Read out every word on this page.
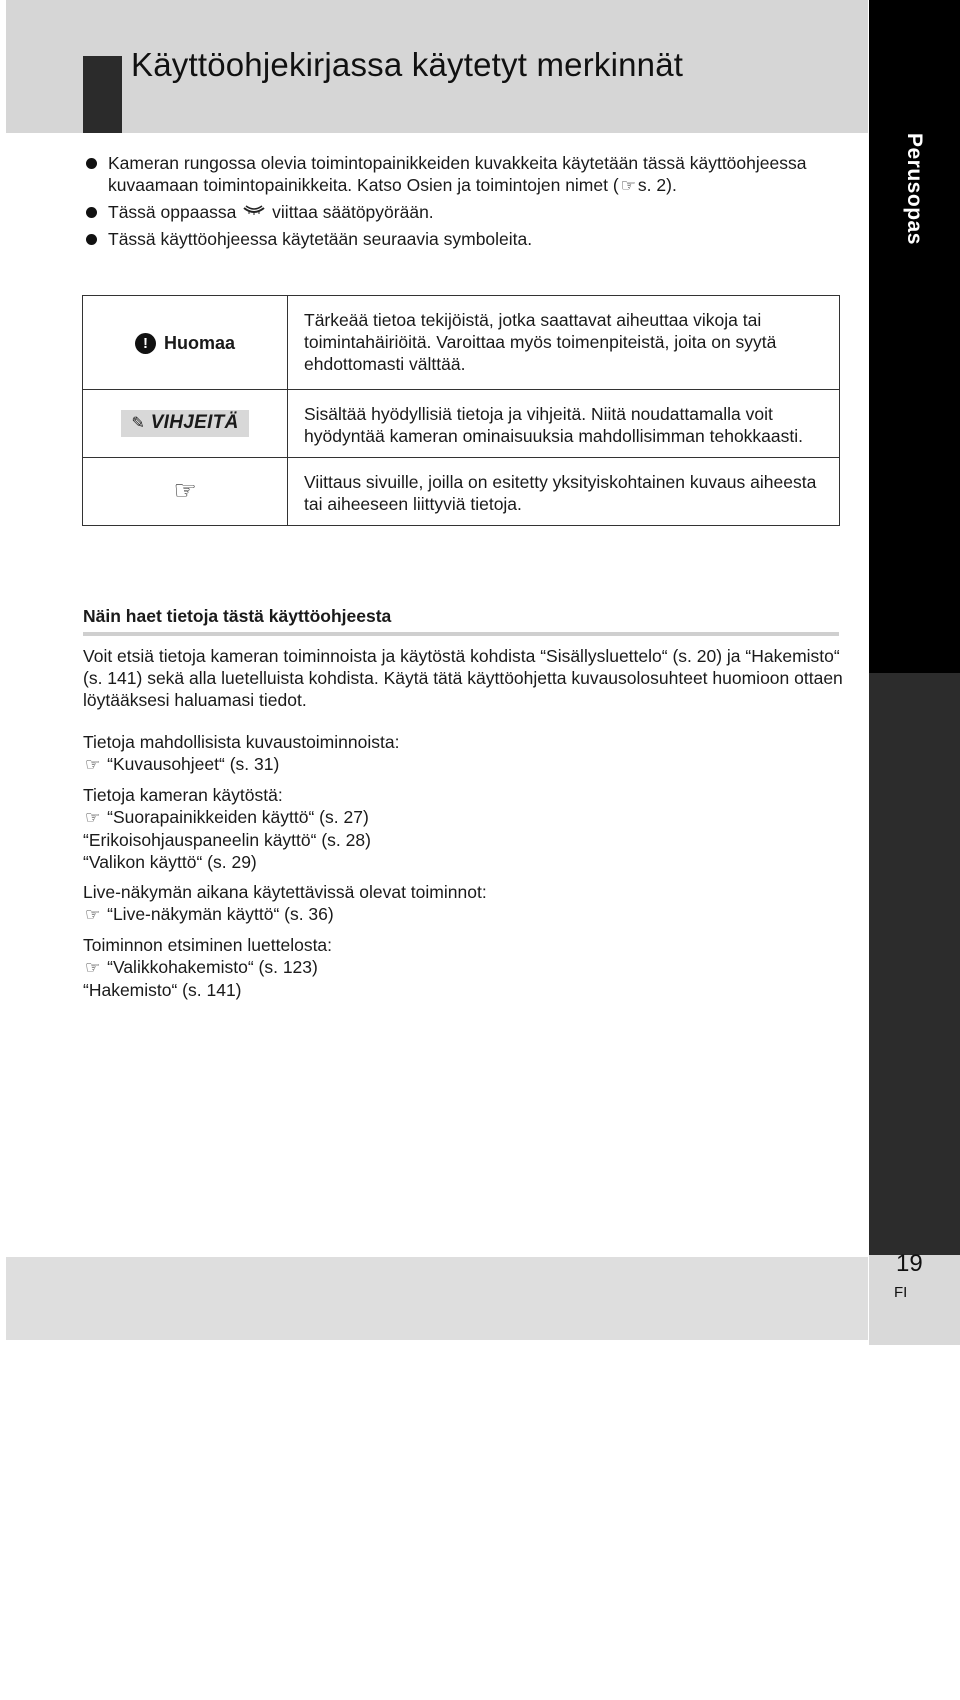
Käyttöohjekirjassa käytetyt merkinnät
Perusopas
Kuvaamiseen valmistautuminen
19
FI
Kameran rungossa olevia toimintopainikkeiden kuvakkeita käytetään tässä käyttöohjeessa kuvaamaan toimintopainikkeita. Katso Osien ja toimintojen nimet ( ☞ s. 2).
Tässä oppaassa viittaa säätöpyörään.
Tässä käyttöohjeessa käytetään seuraavia symboleita.
! Huomaa	Tärkeää tietoa tekijöistä, jotka saattavat aiheuttaa vikoja tai toimintahäiriöitä. Varoittaa myös toimenpiteistä, joita on syytä ehdottomasti välttää.
✎ VIHJEITÄ	Sisältää hyödyllisiä tietoja ja vihjeitä. Niitä noudattamalla voit hyödyntää kameran ominaisuuksia mahdollisimman tehokkaasti.
☞	Viittaus sivuille, joilla on esitetty yksityiskohtainen kuvaus aiheesta tai aiheeseen liittyviä tietoja.
Näin haet tietoja tästä käyttöohjeesta

Voit etsiä tietoja kameran toiminnoista ja käytöstä kohdista “Sisällysluettelo“ (s. 20) ja “Hakemisto“ (s. 141) sekä alla luetelluista kohdista. Käytä tätä käyttöohjetta kuvausolosuhteet huomioon ottaen löytääksesi haluamasi tiedot.

Tietoja mahdollisista kuvaustoiminnoista:
☞ “Kuvausohjeet“ (s. 31)
Tietoja kameran käytöstä:
☞ “Suorapainikkeiden käyttö“ (s. 27)
“Erikoisohjauspaneelin käyttö“ (s. 28)
“Valikon käyttö“ (s. 29)
Live-näkymän aikana käytettävissä olevat toiminnot:
☞ “Live-näkymän käyttö“ (s. 36)
Toiminnon etsiminen luettelosta:
☞ “Valikkohakemisto“ (s. 123)
“Hakemisto“ (s. 141)
